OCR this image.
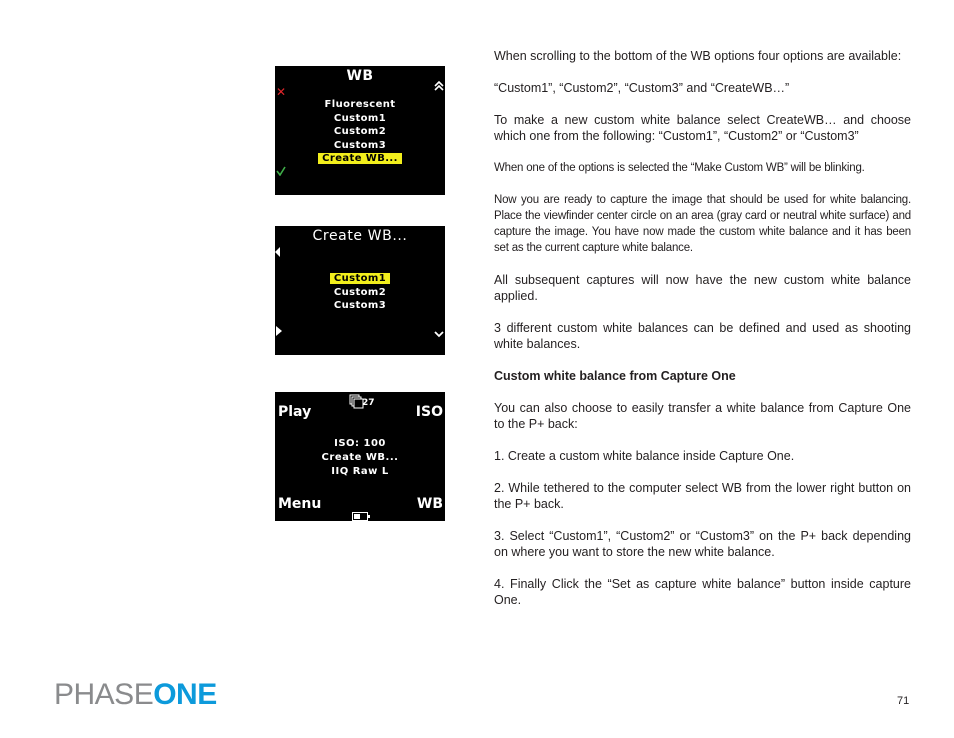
WB
✕
Fluorescent
Custom1
Custom2
Custom3
Create WB...
Create WB...
Custom1
Custom2
Custom3
Play	ISO
27
ISO: 100
Create WB...
IIQ Raw L
Menu	WB

When scrolling to the bottom of the WB options four options are available:

“Custom1”, “Custom2”, “Custom3” and “CreateWB…”

To make a new custom white balance select CreateWB… and choose which one from the following: “Custom1”, “Custom2” or “Custom3”

When one of the options is selected the “Make Custom WB” will be blinking.

Now you are ready to capture the image that should be used for white balancing. Place the viewfinder center circle on an area (gray card or neutral white surface) and capture the image. You have now made the custom white balance and it has been set as the current capture white balance.

All subsequent captures will now have the new custom white balance applied.

3 different custom white balances can be defined and used as shooting white balances.

Custom white balance from Capture One

You can also choose to easily transfer a white balance from Capture One to the P+ back:

1. Create a custom white balance inside Capture One.

2. While tethered to the computer select WB from the lower right button on the P+ back.

3. Select “Custom1”, “Custom2” or “Custom3” on the P+ back depending on where you want to store the new white balance.

4. Finally Click the “Set as capture white balance” button inside capture One.

PHASEONE	71
